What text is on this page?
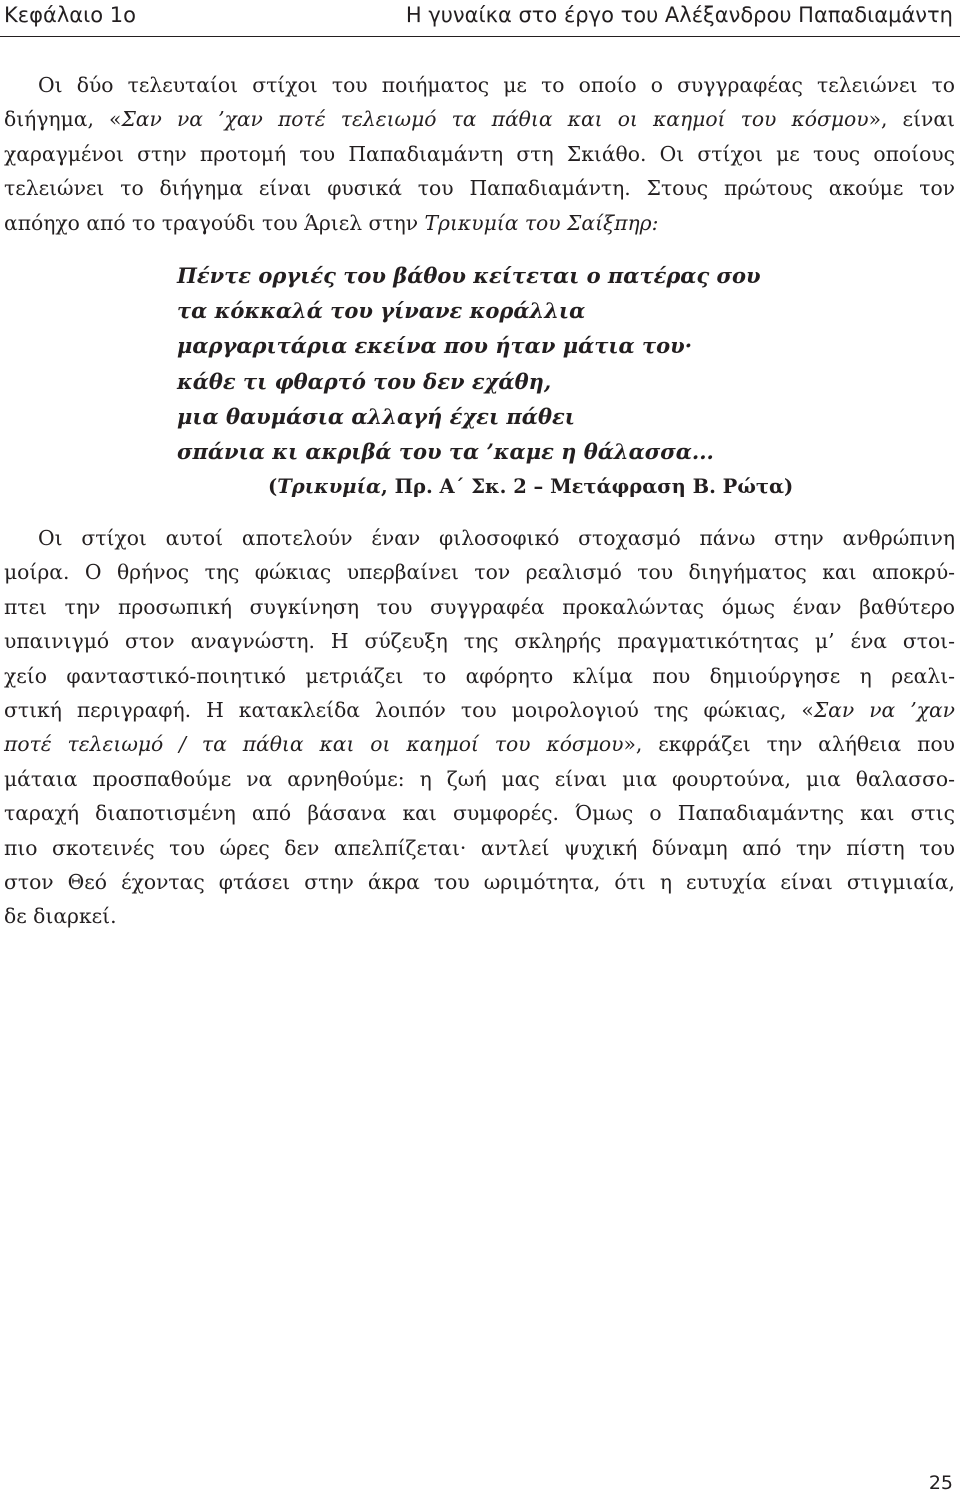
Κεφάλαιο 1ο	Η γυναίκα στο έργο του Αλέξανδρου Παπαδιαμάντη
Οι δύο τελευταίοι στίχοι του ποιήματος με το οποίο ο συγγραφέας τελειώνει το
διήγημα, «Σαν να ’χαν ποτέ τελειωμό τα πάθια και οι καημοί του κόσμου», είναι
χαραγμένοι στην προτομή του Παπαδιαμάντη στη Σκιάθο. Οι στίχοι με τους οποίους
τελειώνει το διήγημα είναι φυσικά του Παπαδιαμάντη. Στους πρώτους ακούμε τον
απόηχο από το τραγούδι του Άριελ στην Τρικυμία του Σαίξπηρ:
Πέντε οργιές του βάθου κείτεται ο πατέρας σου
τα κόκκαλά του γίνανε κοράλλια
μαργαριτάρια εκείνα που ήταν μάτια του·
κάθε τι φθαρτό του δεν εχάθη,
μια θαυμάσια αλλαγή έχει πάθει
σπάνια κι ακριβά του τα ’καμε η θάλασσα...
(Τρικυμία, Πρ. Α΄ Σκ. 2 – Μετάφραση Β. Ρώτα)
Οι στίχοι αυτοί αποτελούν έναν φιλοσοφικό στοχασμό πάνω στην ανθρώπινη
μοίρα. Ο θρήνος της φώκιας υπερβαίνει τον ρεαλισμό του διηγήματος και αποκρύ-
πτει την προσωπική συγκίνηση του συγγραφέα προκαλώντας όμως έναν βαθύτερο
υπαινιγμό στον αναγνώστη. Η σύζευξη της σκληρής πραγματικότητας μ’ ένα στοι-
χείο φανταστικό-ποιητικό μετριάζει το αφόρητο κλίμα που δημιούργησε η ρεαλι-
στική περιγραφή. Η κατακλείδα λοιπόν του μοιρολογιού της φώκιας, «Σαν να ’χαν
ποτέ τελειωμό / τα πάθια και οι καημοί του κόσμου», εκφράζει την αλήθεια που
μάταια προσπαθούμε να αρνηθούμε: η ζωή μας είναι μια φουρτούνα, μια θαλασσο-
ταραχή διαποτισμένη από βάσανα και συμφορές. Όμως ο Παπαδιαμάντης και στις
πιο σκοτεινές του ώρες δεν απελπίζεται· αντλεί ψυχική δύναμη από την πίστη του
στον Θεό έχοντας φτάσει στην άκρα του ωριμότητα, ότι η ευτυχία είναι στιγμιαία,
δε διαρκεί.
25
